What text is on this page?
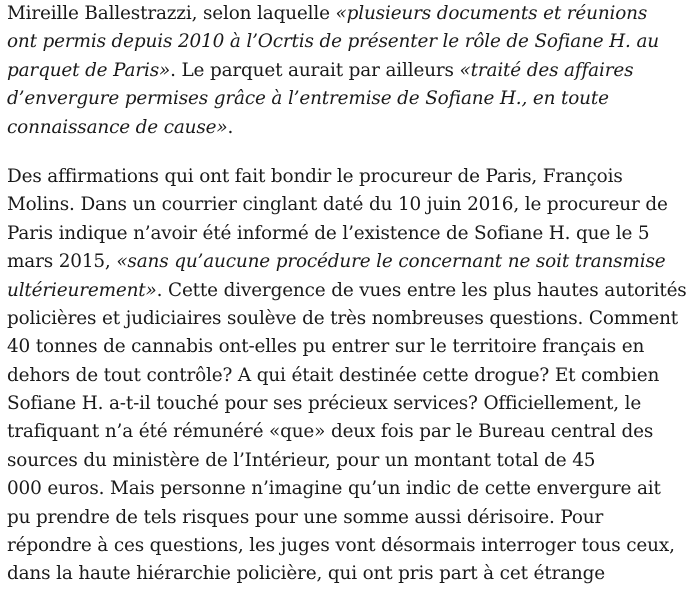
Mireille Ballestrazzi, selon laquelle «plusieurs documents et réunions
ont permis depuis 2010 à l’Ocrtis de présenter le rôle de Sofiane H. au
parquet de Paris». Le parquet aurait par ailleurs «traité des affaires
d’envergure permises grâce à l’entremise de Sofiane H., en toute
connaissance de cause».

Des affirmations qui ont fait bondir le procureur de Paris, François
Molins. Dans un courrier cinglant daté du 10 juin 2016, le procureur de
Paris indique n’avoir été informé de l’existence de Sofiane H. que le 5
mars 2015, «sans qu’aucune procédure le concernant ne soit transmise
ultérieurement». Cette divergence de vues entre les plus hautes autorités
policières et judiciaires soulève de très nombreuses questions. Comment
40 tonnes de cannabis ont-elles pu entrer sur le territoire français en
dehors de tout contrôle? A qui était destinée cette drogue? Et combien
Sofiane H. a-t-il touché pour ses précieux services? Officiellement, le
trafiquant n’a été rémunéré «que» deux fois par le Bureau central des
sources du ministère de l’Intérieur, pour un montant total de 45
000 euros. Mais personne n’imagine qu’un indic de cette envergure ait
pu prendre de tels risques pour une somme aussi dérisoire. Pour
répondre à ces questions, les juges vont désormais interroger tous ceux,
dans la haute hiérarchie policière, qui ont pris part à cet étrange
